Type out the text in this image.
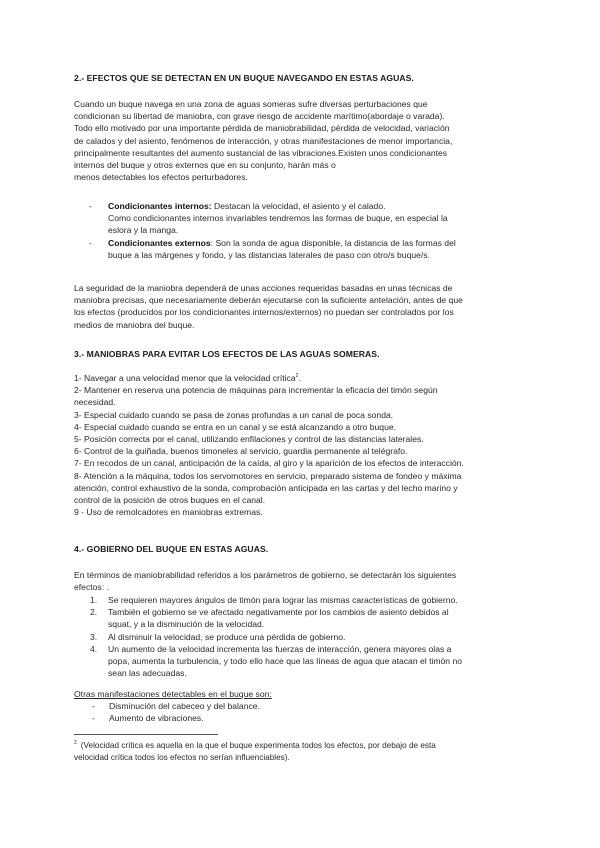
2.- EFECTOS QUE SE DETECTAN EN UN BUQUE NAVEGANDO EN ESTAS AGUAS.

Cuando un buque navega en una zona de aguas someras sufre diversas perturbaciones que

condicionan su libertad de maniobra, con grave riesgo de accidente marítimo(abordaje o varada).

Todo ello motivado por una importante pérdida de maniobrabilidad, pérdida de velocidad, variación

de calados y del asiento, fenómenos de interacción, y otras manifestaciones de menor importancia,

principalmente resultantes del aumento sustancial de las vibraciones.Existen unos condicionantes

internos del buque y otros externos que en su conjunto, harán más o

menos detectables los efectos perturbadores.

- Condicionantes internos: Destacan la velocidad, el asiento y el calado.

Como condicionantes internos invariables tendremos las formas de buque, en especial la

eslora y la manga.

- Condicionantes externos: Son la sonda de agua disponible, la distancia de las formas del

buque a las márgenes y fondo, y las distancias laterales de paso con otro/s buque/s.

La seguridad de la maniobra dependerá de unas acciones requeridas basadas en unas técnicas de

maniobra precisas, que necesariamente deberán ejecutarse con la suficiente antelación, antes de que

los efectos (producidos por los condicionantes internos/externos) no puedan ser controlados por los

medios de maniobra del buque.

3.- MANIOBRAS PARA EVITAR LOS EFECTOS DE LAS AGUAS SOMERAS.

1- Navegar a una velocidad menor que la velocidad crítica$^2$.

2- Mantener en reserva una potencia de máquinas para incrementar la eficacia del timón según

necesidad.

3- Especial cuidado cuando se pasa de zonas profundas a un canal de poca sonda.

4- Especial cuidado cuando se entra en un canal y se está alcanzando a otro buque.

5- Posición correcta por el canal, utilizando enfilaciones y control de las distancias laterales.

6- Control de la guiñada, buenos timoneles al servicio, guardia permanente al telégrafo.

7- En recodos de un canal, anticipación de la caída, al giro y la aparición de los efectos de interacción.

8- Atención a la máquina, todos los servomotores en servicio, preparado sistema de fondeo y máxima

atención, control exhaustivo de la sonda, comprobación anticipada en las cartas y del lecho marino y

control de la posición de otros buques en el canal.

9 - Uso de remolcadores en maniobras extremas.

4.- GOBIERNO DEL BUQUE EN ESTAS AGUAS.

En términos de maniobrabilidad referidos a los parámetros de gobierno, se detectarán los siguientes

efectos: .

1. Se requieren mayores ángulos de timón para lograr las mismas características de gobierno.

2. También el gobierno se ve afectado negativamente por los cambios de asiento debidos al

squat, y a la disminución de la velocidad.

3. Al disminuir la velocidad, se produce una pérdida de gobierno.

4. Un aumento de la velocidad incrementa las fuerzas de interacción, genera mayores olas a

popa, aumenta la turbulencia, y todo ello hace que las líneas de agua que atacan el timón no

sean las adecuadas.

Otras manifestaciones detectables en el buque son:

- Disminución del cabeceo y del balance.

- Aumento de vibraciones.

$^2$ (Velocidad crítica es aquella en la que el buque experimenta todos los efectos, por debajo de esta

velocidad crítica todos los efectos no serían influenciables).
